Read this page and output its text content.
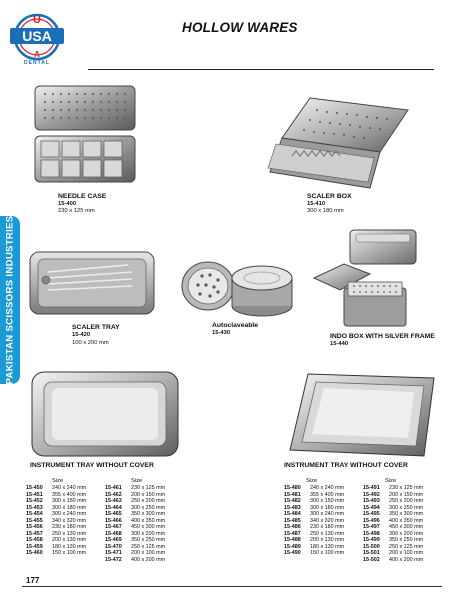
U
USA
A
DENTAL
HOLLOW WARES
PAKISTAN SCISSORS INDUSTRIES
NEEDLE CASE
15-400
230 x 125 mm
SCALER BOX
15-410
300 x 180 mm
SCALER TRAY
15-420
100 x 200 mm
Autoclaveable
15-430	INDO BOX WITH SILVER FRAME
15-440
INSTRUMENT TRAY WITHOUT COVER
Size	Size
15-450 240 x 240 mm	15-461 230 x 125 mm
15-451 355 x 400 mm	15-462 200 x 150 mm
15-452 300 x 150 mm	15-463 250 x 200 mm
15-453 300 x 180 mm	15-464 300 x 250 mm
15-454 300 x 240 mm	15-465 350 x 300 mm
15-455 340 x 320 mm	15-466 400 x 350 mm
15-456 230 x 180 mm	15-467 450 x 300 mm
15-457 250 x 130 mm	15-468 300 x 200 mm
15-458 200 x 130 mm	15-469 350 x 250 mm
15-459 180 x 130 mm	15-470 250 x 125 mm
15-460 150 x 100 mm	15-471 200 x 100 mm
15-472 400 x 200 mm
INSTRUMENT TRAY WITHOUT COVER
Size	Size
15-480 240 x 240 mm	15-491 230 x 125 mm
15-481 355 x 400 mm	15-492 200 x 150 mm
15-482 300 x 150 mm	15-493 250 x 200 mm
15-483 300 x 180 mm	15-494 300 x 250 mm
15-484 300 x 240 mm	15-495 350 x 300 mm
15-485 340 x 320 mm	15-496 400 x 350 mm
15-486 230 x 180 mm	15-497 450 x 300 mm
15-487 250 x 130 mm	15-498 300 x 200 mm
15-488 200 x 130 mm	15-499 350 x 250 mm
15-489 180 x 130 mm	15-500 250 x 125 mm
15-490 150 x 100 mm	15-501 200 x 100 mm
15-502 400 x 200 mm
177
